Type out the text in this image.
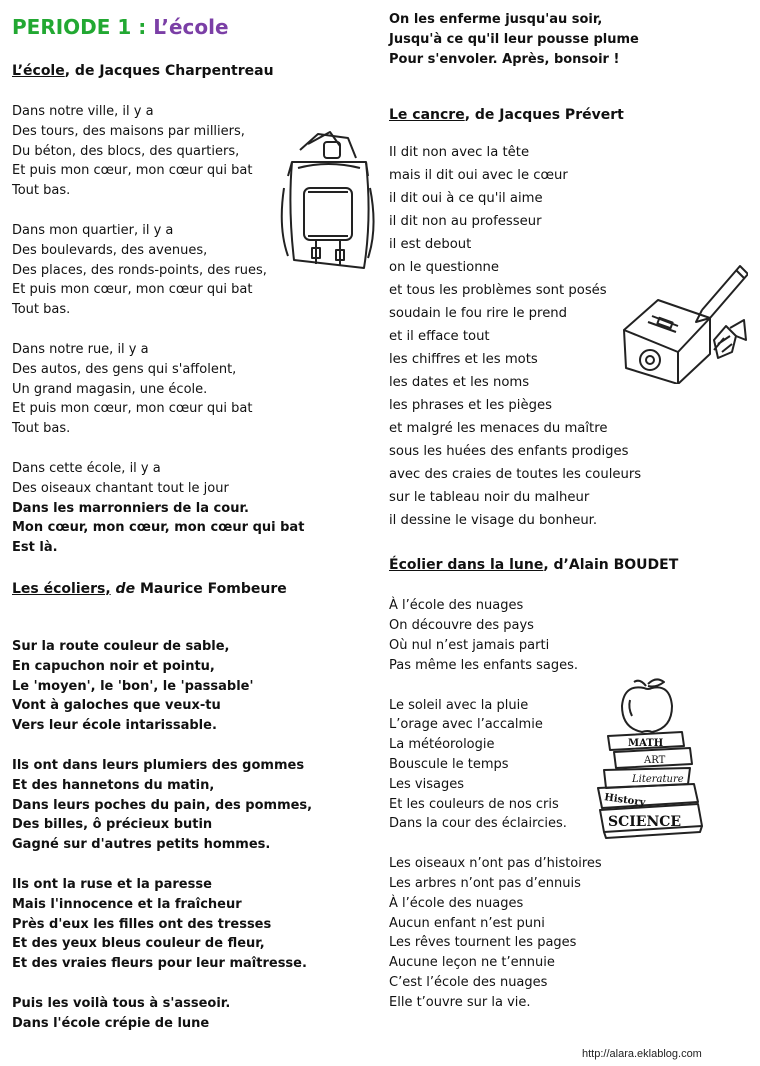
PERIODE 1 : L’école
L’école, de Jacques Charpentreau
Dans notre ville, il y a
Des tours, des maisons par milliers,
Du béton, des blocs, des quartiers,
Et puis mon cœur, mon cœur qui bat
Tout bas.
Dans mon quartier, il y a
Des boulevards, des avenues,
Des places, des ronds-points, des rues,
Et puis mon cœur, mon cœur qui bat
Tout bas.
Dans notre rue, il y a
Des autos, des gens qui s'affolent,
Un grand magasin, une école.
Et puis mon cœur, mon cœur qui bat
Tout bas.
Dans cette école, il y a
Des oiseaux chantant tout le jour
Dans les marronniers de la cour.
Mon cœur, mon cœur, mon cœur qui bat
Est là.
Les écoliers, de Maurice Fombeure
Sur la route couleur de sable,
En capuchon noir et pointu,
Le 'moyen', le 'bon', le 'passable'
Vont à galoches que veux-tu
Vers leur école intarissable.
Ils ont dans leurs plumiers des gommes
Et des hannetons du matin,
Dans leurs poches du pain, des pommes,
Des billes, ô précieux butin
Gagné sur d'autres petits hommes.
Ils ont la ruse et la paresse
Mais l'innocence et la fraîcheur
Près d'eux les filles ont des tresses
Et des yeux bleus couleur de fleur,
Et des vraies fleurs pour leur maîtresse.
Puis les voilà tous à s'asseoir.
Dans l'école crépie de lune
On les enferme jusqu'au soir,
Jusqu'à ce qu'il leur pousse plume
Pour s'envoler. Après, bonsoir !
Le cancre, de Jacques Prévert
Il dit non avec la tête
mais il dit oui avec le cœur
il dit oui à ce qu'il aime
il dit non au professeur
il est debout
on le questionne
et tous les problèmes sont posés
soudain le fou rire le prend
et il efface tout
les chiffres et les mots
les dates et les noms
les phrases et les pièges
et malgré les menaces du maître
sous les huées des enfants prodiges
avec des craies de toutes les couleurs
sur le tableau noir du malheur
il dessine le visage du bonheur.
Écolier dans la lune, d’Alain BOUDET
À l’école des nuages
On découvre des pays
Où nul n’est jamais parti
Pas même les enfants sages.
Le soleil avec la pluie
L’orage avec l’accalmie
La météorologie
Bouscule le temps
Les visages
Et les couleurs de nos cris
Dans la cour des éclaircies.
Les oiseaux n’ont pas d’histoires
Les arbres n’ont pas d’ennuis
À l’école des nuages
Aucun enfant n’est puni
Les rêves tournent les pages
Aucune leçon ne t’ennuie
C’est l’école des nuages
Elle t’ouvre sur la vie.
MATH
ART
Literature
History
SCIENCE
http://alara.eklablog.com
